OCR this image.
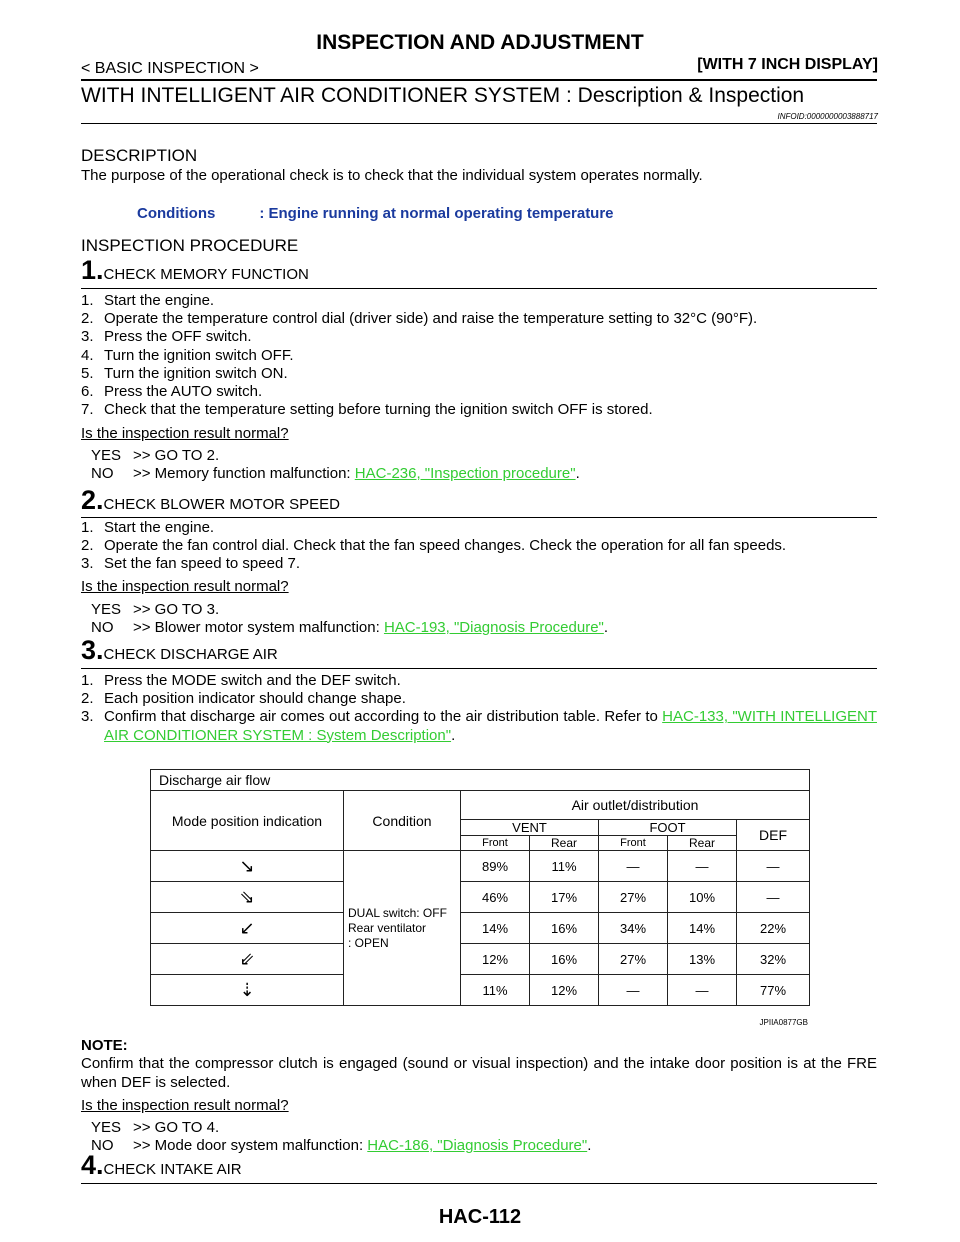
INSPECTION AND ADJUSTMENT
< BASIC INSPECTION >	[WITH 7 INCH DISPLAY]
WITH INTELLIGENT AIR CONDITIONER SYSTEM : Description & Inspection
INFOID:0000000003888717
DESCRIPTION
The purpose of the operational check is to check that the individual system operates normally.
Conditions	: Engine running at normal operating temperature
INSPECTION PROCEDURE
1.CHECK MEMORY FUNCTION
1. Start the engine.
2. Operate the temperature control dial (driver side) and raise the temperature setting to 32°C (90°F).
3. Press the OFF switch.
4. Turn the ignition switch OFF.
5. Turn the ignition switch ON.
6. Press the AUTO switch.
7. Check that the temperature setting before turning the ignition switch OFF is stored.
Is the inspection result normal?
YES >> GO TO 2.
NO >> Memory function malfunction: HAC-236, "Inspection procedure".
2.CHECK BLOWER MOTOR SPEED
1. Start the engine.
2. Operate the fan control dial. Check that the fan speed changes. Check the operation for all fan speeds.
3. Set the fan speed to speed 7.
Is the inspection result normal?
YES >> GO TO 3.
NO >> Blower motor system malfunction: HAC-193, "Diagnosis Procedure".
3.CHECK DISCHARGE AIR
1. Press the MODE switch and the DEF switch.
2. Each position indicator should change shape.
3. Confirm that discharge air comes out according to the air distribution table. Refer to HAC-133, "WITH INTELLIGENT AIR CONDITIONER SYSTEM : System Description".
Discharge air flow						
Mode position indication	Condition	Air outlet/distribution				
		VENT		FOOT		DEF
		Front	Rear	Front	Rear	
↘	DUAL switch: OFF
Rear ventilator
: OPEN	89%	11%	—	—	—
⇘		46%	17%	27%	10%	—
↙		14%	16%	34%	14%	22%
⇙		12%	16%	27%	13%	32%
⇣		11%	12%	—	—	77%
JPIIA0877GB
NOTE:
Confirm that the compressor clutch is engaged (sound or visual inspection) and the intake door position is at the FRE when DEF is selected.
Is the inspection result normal?
YES >> GO TO 4.
NO >> Mode door system malfunction: HAC-186, "Diagnosis Procedure".
4.CHECK INTAKE AIR
HAC-112
